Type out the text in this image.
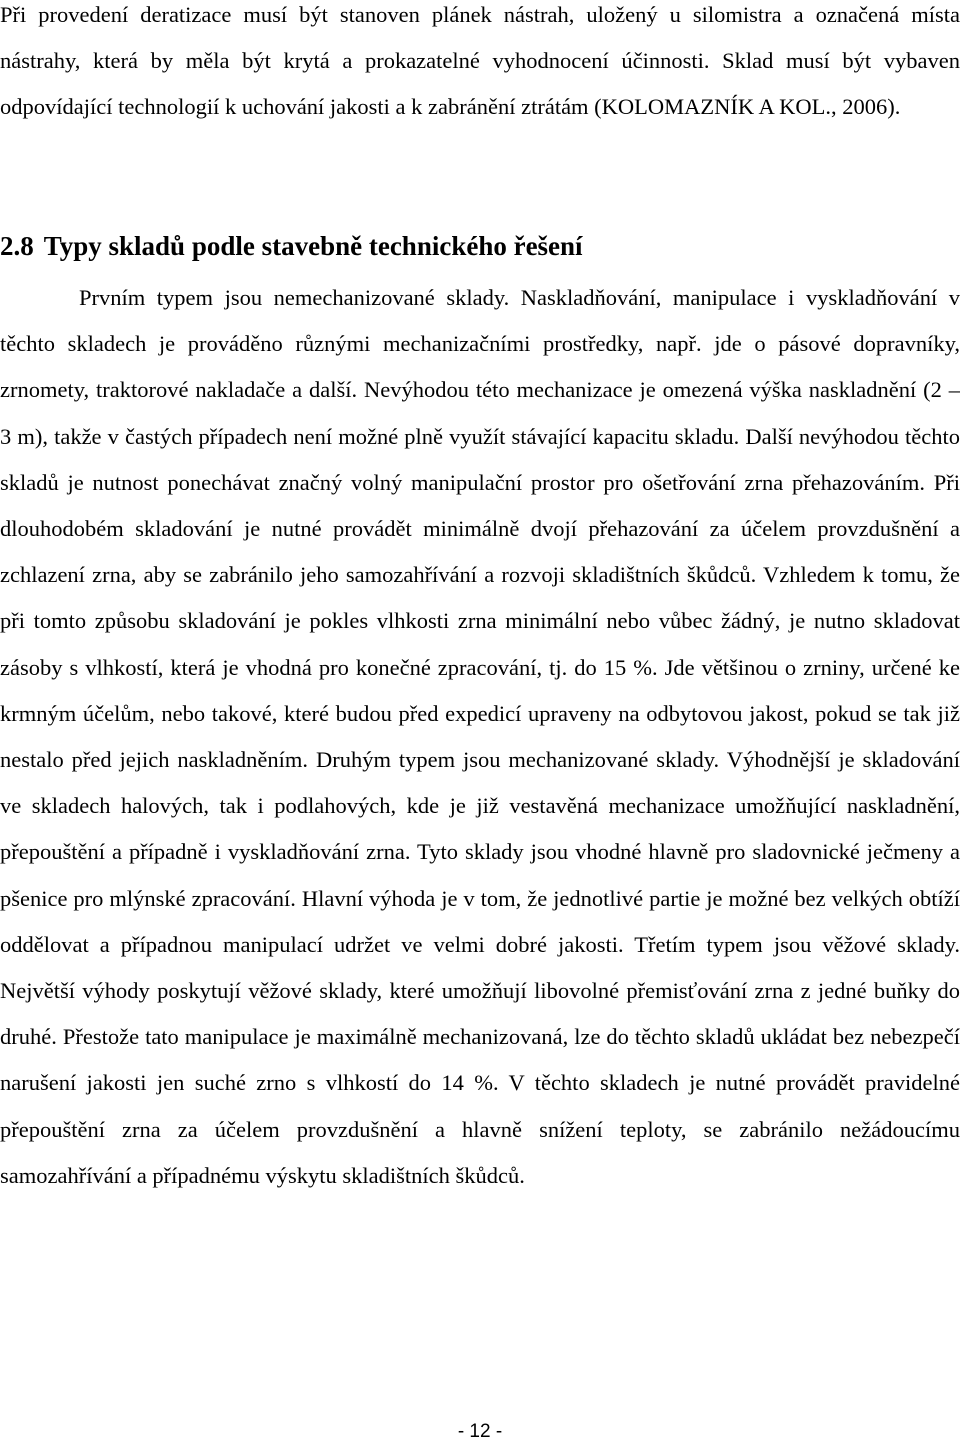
Při provedení deratizace musí být stanoven plánek nástrah, uložený u silomistra a označená místa nástrahy, která by měla být krytá a prokazatelné vyhodnocení účinnosti. Sklad musí být vybaven odpovídající technologií k uchování jakosti a k zabránění ztrátám (KOLOMAZNÍK A KOL., 2006).

2.8 Typy skladů podle stavebně technického řešení

Prvním typem jsou nemechanizované sklady. Naskladňování, manipulace i vyskladňování v těchto skladech je prováděno různými mechanizačními prostředky, např. jde o pásové dopravníky, zrnomety, traktorové nakladače a další. Nevýhodou této mechanizace je omezená výška naskladnění (2 – 3 m), takže v častých případech není možné plně využít stávající kapacitu skladu. Další nevýhodou těchto skladů je nutnost ponechávat značný volný manipulační prostor pro ošetřování zrna přehazováním. Při dlouhodobém skladování je nutné provádět minimálně dvojí přehazování za účelem provzdušnění a zchlazení zrna, aby se zabránilo jeho samozahřívání a rozvoji skladištních škůdců. Vzhledem k tomu, že při tomto způsobu skladování je pokles vlhkosti zrna minimální nebo vůbec žádný, je nutno skladovat zásoby s vlhkostí, která je vhodná pro konečné zpracování, tj. do 15 %. Jde většinou o zrniny, určené ke krmným účelům, nebo takové, které budou před expedicí upraveny na odbytovou jakost, pokud se tak již nestalo před jejich naskladněním. Druhým typem jsou mechanizované sklady. Výhodnější je skladování ve skladech halových, tak i podlahových, kde je již vestavěná mechanizace umožňující naskladnění, přepouštění a případně i vyskladňování zrna. Tyto sklady jsou vhodné hlavně pro sladovnické ječmeny a pšenice pro mlýnské zpracování. Hlavní výhoda je v tom, že jednotlivé partie je možné bez velkých obtíží oddělovat a případnou manipulací udržet ve velmi dobré jakosti. Třetím typem jsou věžové sklady. Největší výhody poskytují věžové sklady, které umožňují libovolné přemisťování zrna z jedné buňky do druhé. Přestože tato manipulace je maximálně mechanizovaná, lze do těchto skladů ukládat bez nebezpečí narušení jakosti jen suché zrno s vlhkostí do 14 %. V těchto skladech je nutné provádět pravidelné přepouštění zrna za účelem provzdušnění a hlavně snížení teploty, se zabránilo nežádoucímu samozahřívání a případnému výskytu skladištních škůdců.

- 12 -
